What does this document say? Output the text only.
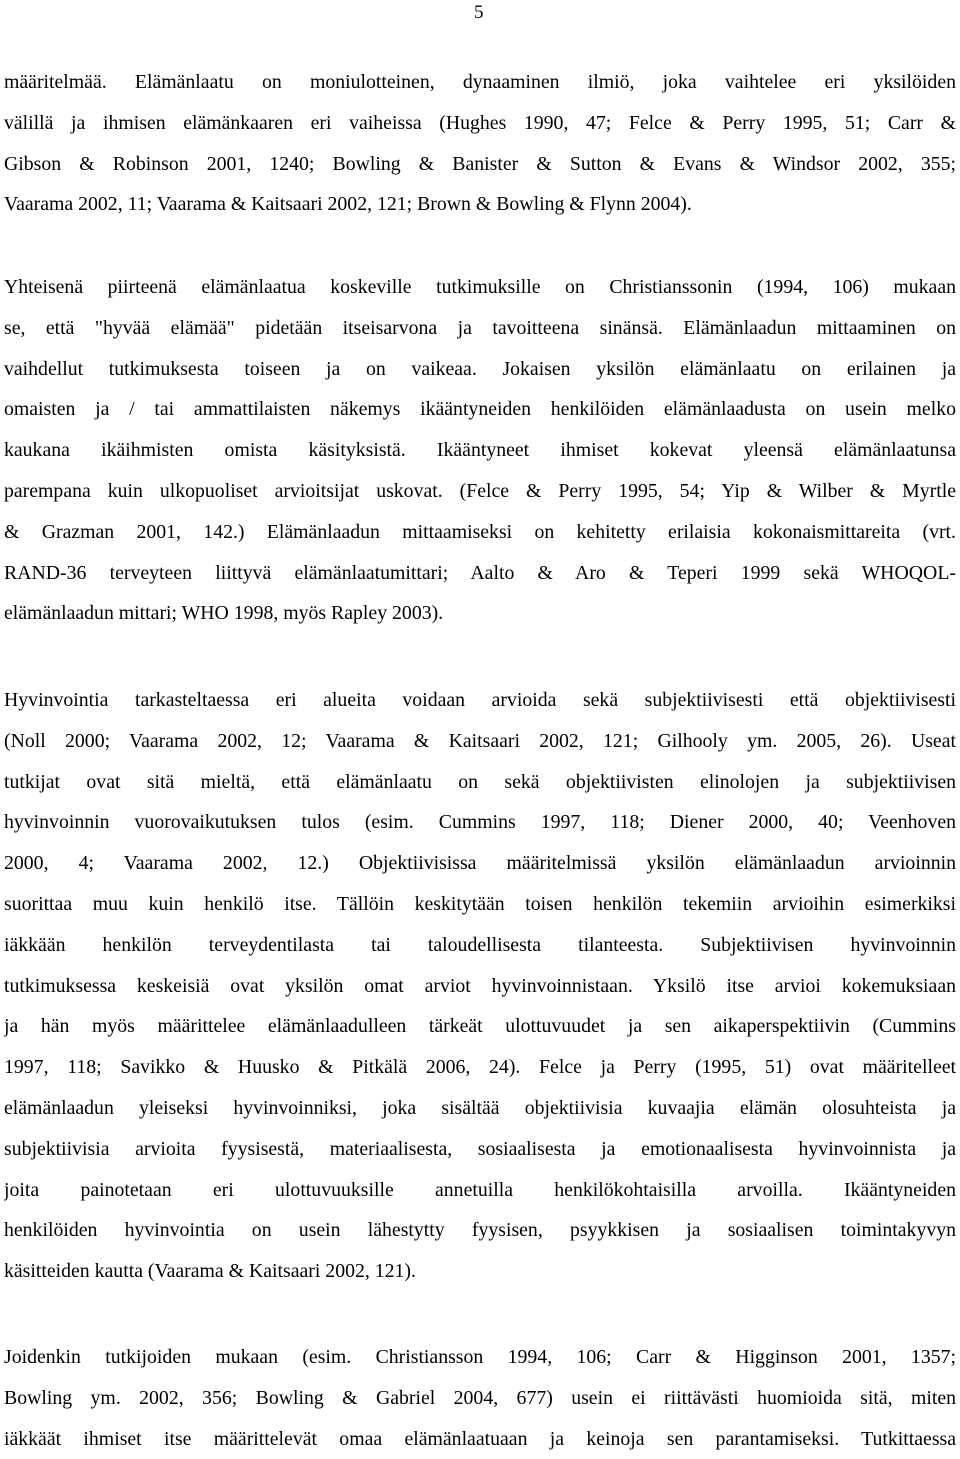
5
määritelmää. Elämänlaatu on moniulotteinen, dynaaminen ilmiö, joka vaihtelee eri yksilöiden
välillä ja ihmisen elämänkaaren eri vaiheissa (Hughes 1990, 47; Felce & Perry 1995, 51; Carr &
Gibson & Robinson 2001, 1240; Bowling & Banister & Sutton & Evans & Windsor 2002, 355;
Vaarama 2002, 11; Vaarama & Kaitsaari 2002, 121; Brown & Bowling & Flynn 2004).
Yhteisenä piirteenä elämänlaatua koskeville tutkimuksille on Christianssonin (1994, 106) mukaan
se, että "hyvää elämää" pidetään itseisarvona ja tavoitteena sinänsä. Elämänlaadun mittaaminen on
vaihdellut tutkimuksesta toiseen ja on vaikeaa. Jokaisen yksilön elämänlaatu on erilainen ja
omaisten ja / tai ammattilaisten näkemys ikääntyneiden henkilöiden elämänlaadusta on usein melko
kaukana ikäihmisten omista käsityksistä. Ikääntyneet ihmiset kokevat yleensä elämänlaatunsa
parempana kuin ulkopuoliset arvioitsijat uskovat. (Felce & Perry 1995, 54; Yip & Wilber & Myrtle
& Grazman 2001, 142.) Elämänlaadun mittaamiseksi on kehitetty erilaisia kokonaismittareita (vrt.
RAND-36 terveyteen liittyvä elämänlaatumittari; Aalto & Aro & Teperi 1999 sekä WHOQOL-
elämänlaadun mittari; WHO 1998, myös Rapley 2003).
Hyvinvointia tarkasteltaessa eri alueita voidaan arvioida sekä subjektiivisesti että objektiivisesti
(Noll 2000; Vaarama 2002, 12; Vaarama & Kaitsaari 2002, 121; Gilhooly ym. 2005, 26). Useat
tutkijat ovat sitä mieltä, että elämänlaatu on sekä objektiivisten elinolojen ja subjektiivisen
hyvinvoinnin vuorovaikutuksen tulos (esim. Cummins 1997, 118; Diener 2000, 40; Veenhoven
2000, 4; Vaarama 2002, 12.) Objektiivisissa määritelmissä yksilön elämänlaadun arvioinnin
suorittaa muu kuin henkilö itse. Tällöin keskitytään toisen henkilön tekemiin arvioihin esimerkiksi
iäkkään henkilön terveydentilasta tai taloudellisesta tilanteesta. Subjektiivisen hyvinvoinnin
tutkimuksessa keskeisiä ovat yksilön omat arviot hyvinvoinnistaan. Yksilö itse arvioi kokemuksiaan
ja hän myös määrittelee elämänlaadulleen tärkeät ulottuvuudet ja sen aikaperspektiivin (Cummins
1997, 118; Savikko & Huusko & Pitkälä 2006, 24). Felce ja Perry (1995, 51) ovat määritelleet
elämänlaadun yleiseksi hyvinvoinniksi, joka sisältää objektiivisia kuvaajia elämän olosuhteista ja
subjektiivisia arvioita fyysisestä, materiaalisesta, sosiaalisesta ja emotionaalisesta hyvinvoinnista ja
joita painotetaan eri ulottuvuuksille annetuilla henkilökohtaisilla arvoilla. Ikääntyneiden
henkilöiden hyvinvointia on usein lähestytty fyysisen, psyykkisen ja sosiaalisen toimintakyvyn
käsitteiden kautta (Vaarama & Kaitsaari 2002, 121).
Joidenkin tutkijoiden mukaan (esim. Christiansson 1994, 106; Carr & Higginson 2001, 1357;
Bowling ym. 2002, 356; Bowling & Gabriel 2004, 677) usein ei riittävästi huomioida sitä, miten
iäkkäät ihmiset itse määrittelevät omaa elämänlaatuaan ja keinoja sen parantamiseksi. Tutkittaessa
